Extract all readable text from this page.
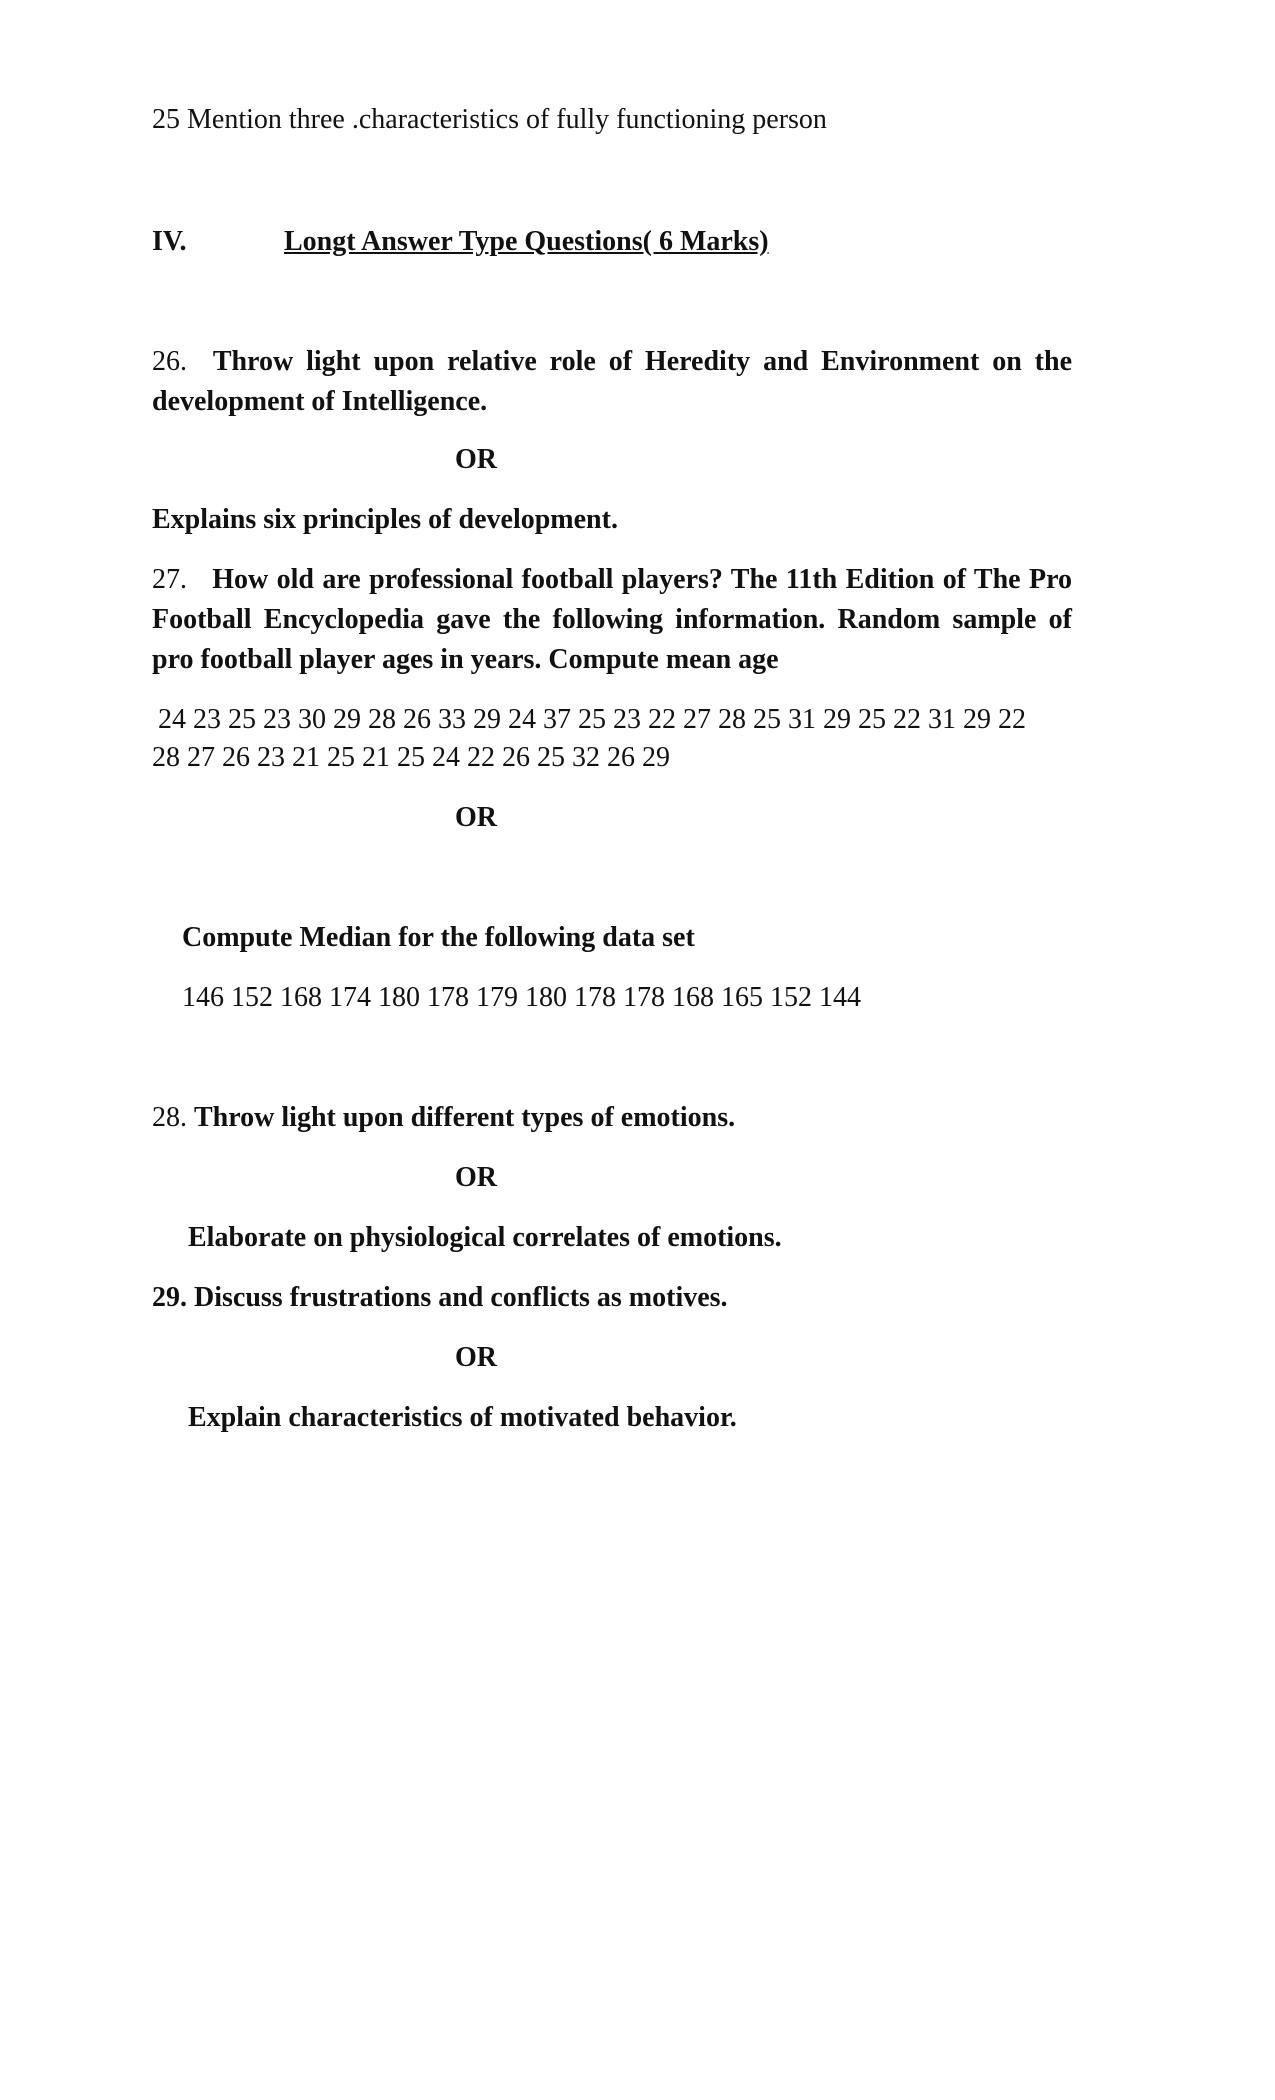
25 Mention three .characteristics of fully functioning person
IV.	Longt Answer Type Questions( 6 Marks)
26. Throw light upon relative role of Heredity and Environment on the development of Intelligence.
OR
Explains six principles of development.
27. How old are professional football players? The 11th Edition of The Pro Football Encyclopedia gave the following information. Random sample of pro football player ages in years. Compute mean age
24 23 25 23 30 29 28 26 33 29 24 37 25 23 22 27 28 25 31 29 25 22 31 29 22
28 27 26 23 21 25 21 25 24 22 26 25 32 26 29
OR
Compute Median for the following data set
146 152 168 174 180 178 179 180 178 178 168 165 152 144
28. Throw light upon different types of emotions.
OR
Elaborate on physiological correlates of emotions.
29. Discuss frustrations and conflicts as motives.
OR
Explain characteristics of motivated behavior.
